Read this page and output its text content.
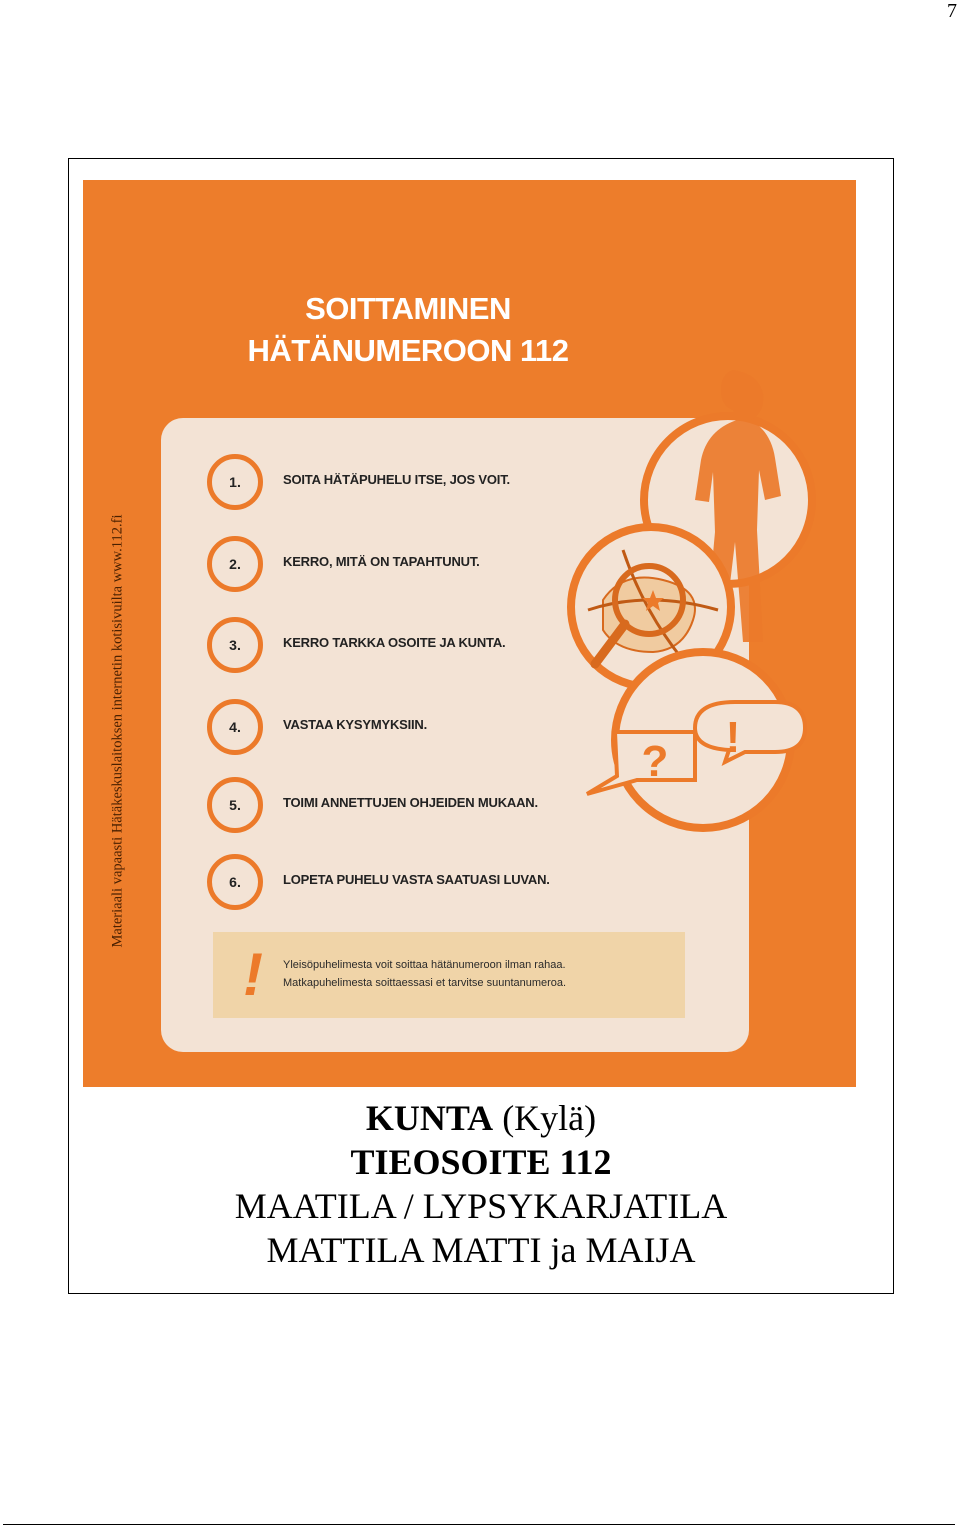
7
SOITTAMINEN
HÄTÄNUMEROON 112
1.	SOITA HÄTÄPUHELU ITSE, JOS VOIT.
2.	KERRO, MITÄ ON TAPAHTUNUT.
3.	KERRO TARKKA OSOITE JA KUNTA.
4.	VASTAA KYSYMYKSIIN.
5.	TOIMI ANNETTUJEN OHJEIDEN MUKAAN.
6.	LOPETA PUHELU VASTA SAATUASI LUVAN.
! Yleisöpuhelimesta voit soittaa hätänumeroon ilman rahaa.
Matkapuhelimesta soittaessasi et tarvitse suuntanumeroa.
? !
Materiaali vapaasti Hätäkeskuslaitoksen internetin kotisivuilta www.112.fi
KUNTA (Kylä)
TIEOSOITE 112
MAATILA / LYPSYKARJATILA
MATTILA MATTI ja MAIJA
